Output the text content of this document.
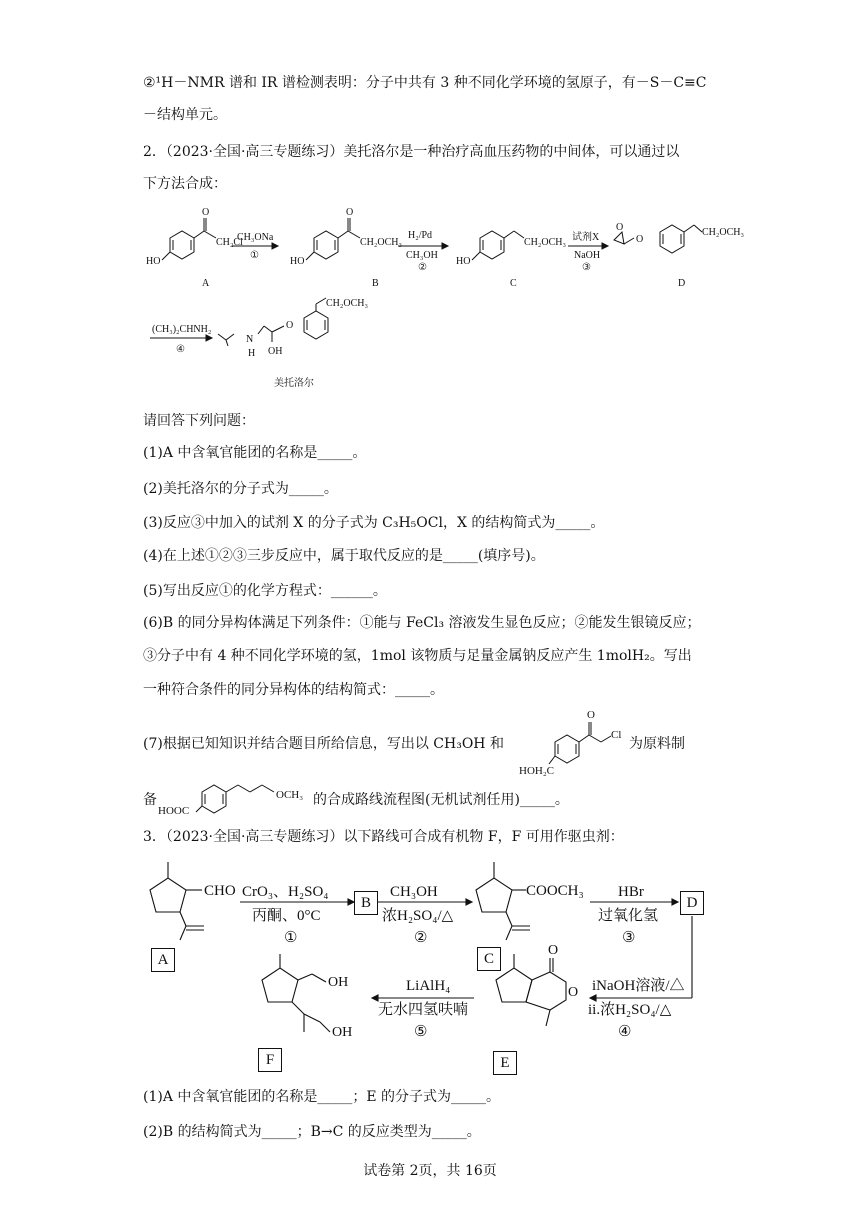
②¹H－NMR 谱和 IR 谱检测表明：分子中共有 3 种不同化学环境的氢原子，有－S－C≡C
－结构单元。
2．（2023·全国·高三专题练习）美托洛尔是一种治疗高血压药物的中间体，可以通过以
下方法合成：
HO
O
CH₂Cl
CH₃ONa
①
HO
O
CH₂OCH₃
H₂/Pd
CH₃OH
②
HO
CH₂OCH₃ 试剂X
NaOH
③
O
O
CH₂OCH₃
A	B	C	D
(CH₃)₂CHNH₂
④
N
H OH
O
CH₂OCH₃
美托洛尔
请回答下列问题：
(1)A 中含氧官能团的名称是_____。
(2)美托洛尔的分子式为_____。
(3)反应③中加入的试剂 X 的分子式为 C₃H₅OCl，X 的结构简式为_____。
(4)在上述①②③三步反应中，属于取代反应的是_____(填序号)。
(5)写出反应①的化学方程式：______。
(6)B 的同分异构体满足下列条件：①能与 FeCl₃ 溶液发生显色反应；②能发生银镜反应；
③分子中有 4 种不同化学环境的氢，1mol 该物质与足量金属钠反应产生 1molH₂。写出
一种符合条件的同分异构体的结构简式：_____。
(7)根据已知知识并结合题目所给信息，写出以 CH₃OH 和	为原料制
O
Cl
HOH₂C
备
HOOC
OCH₃ 的合成路线流程图(无机试剂任用)_____。
3．（2023·全国·高三专题练习）以下路线可合成有机物 F，F 可用作驱虫剂：
CHO CrO₃、H₂SO₄
丙酮、0°C
①
CH₃OH
浓H₂SO₄/△
②
COOCH₃ HBr
过氧化氢
③
iNaOH溶液/△
ii.浓H₂SO₄/△
④
O
O
LiAlH₄
无水四氢呋喃
⑤
OH
OH
A
B
C
D
E
F
(1)A 中含氧官能团的名称是_____；E 的分子式为_____。
(2)B 的结构简式为_____；B→C 的反应类型为_____。
试卷第 2页，共 16页
